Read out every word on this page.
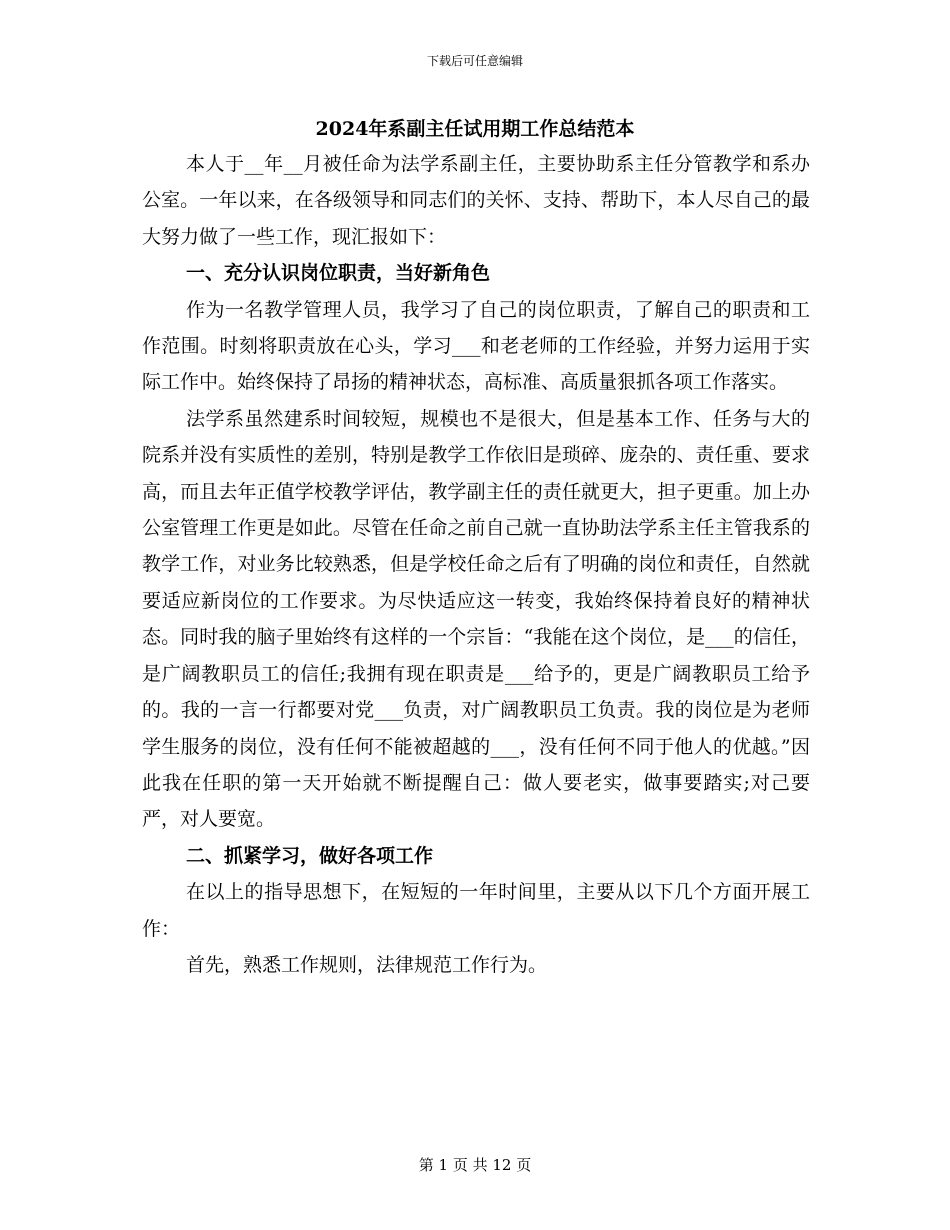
下载后可任意编辑
2024年系副主任试用期工作总结范本

本人于__年__月被任命为法学系副主任，主要协助系主任分管教学和系办公室。一年以来，在各级领导和同志们的关怀、支持、帮助下，本人尽自己的最大努力做了一些工作，现汇报如下：

一、充分认识岗位职责，当好新角色

作为一名教学管理人员，我学习了自己的岗位职责，了解自己的职责和工作范围。时刻将职责放在心头，学习___和老老师的工作经验，并努力运用于实际工作中。始终保持了昂扬的精神状态，高标准、高质量狠抓各项工作落实。

法学系虽然建系时间较短，规模也不是很大，但是基本工作、任务与大的院系并没有实质性的差别，特别是教学工作依旧是琐碎、庞杂的、责任重、要求高，而且去年正值学校教学评估，教学副主任的责任就更大，担子更重。加上办公室管理工作更是如此。尽管在任命之前自己就一直协助法学系主任主管我系的教学工作，对业务比较熟悉，但是学校任命之后有了明确的岗位和责任，自然就要适应新岗位的工作要求。为尽快适应这一转变，我始终保持着良好的精神状态。同时我的脑子里始终有这样的一个宗旨：“我能在这个岗位，是___的信任，是广阔教职员工的信任;我拥有现在职责是___给予的，更是广阔教职员工给予的。我的一言一行都要对党___负责，对广阔教职员工负责。我的岗位是为老师学生服务的岗位，没有任何不能被超越的___，没有任何不同于他人的优越。”因此我在任职的第一天开始就不断提醒自己：做人要老实，做事要踏实;对己要严，对人要宽。

二、抓紧学习，做好各项工作

在以上的指导思想下，在短短的一年时间里，主要从以下几个方面开展工作：

首先，熟悉工作规则，法律规范工作行为。

第 1 页 共 12 页
